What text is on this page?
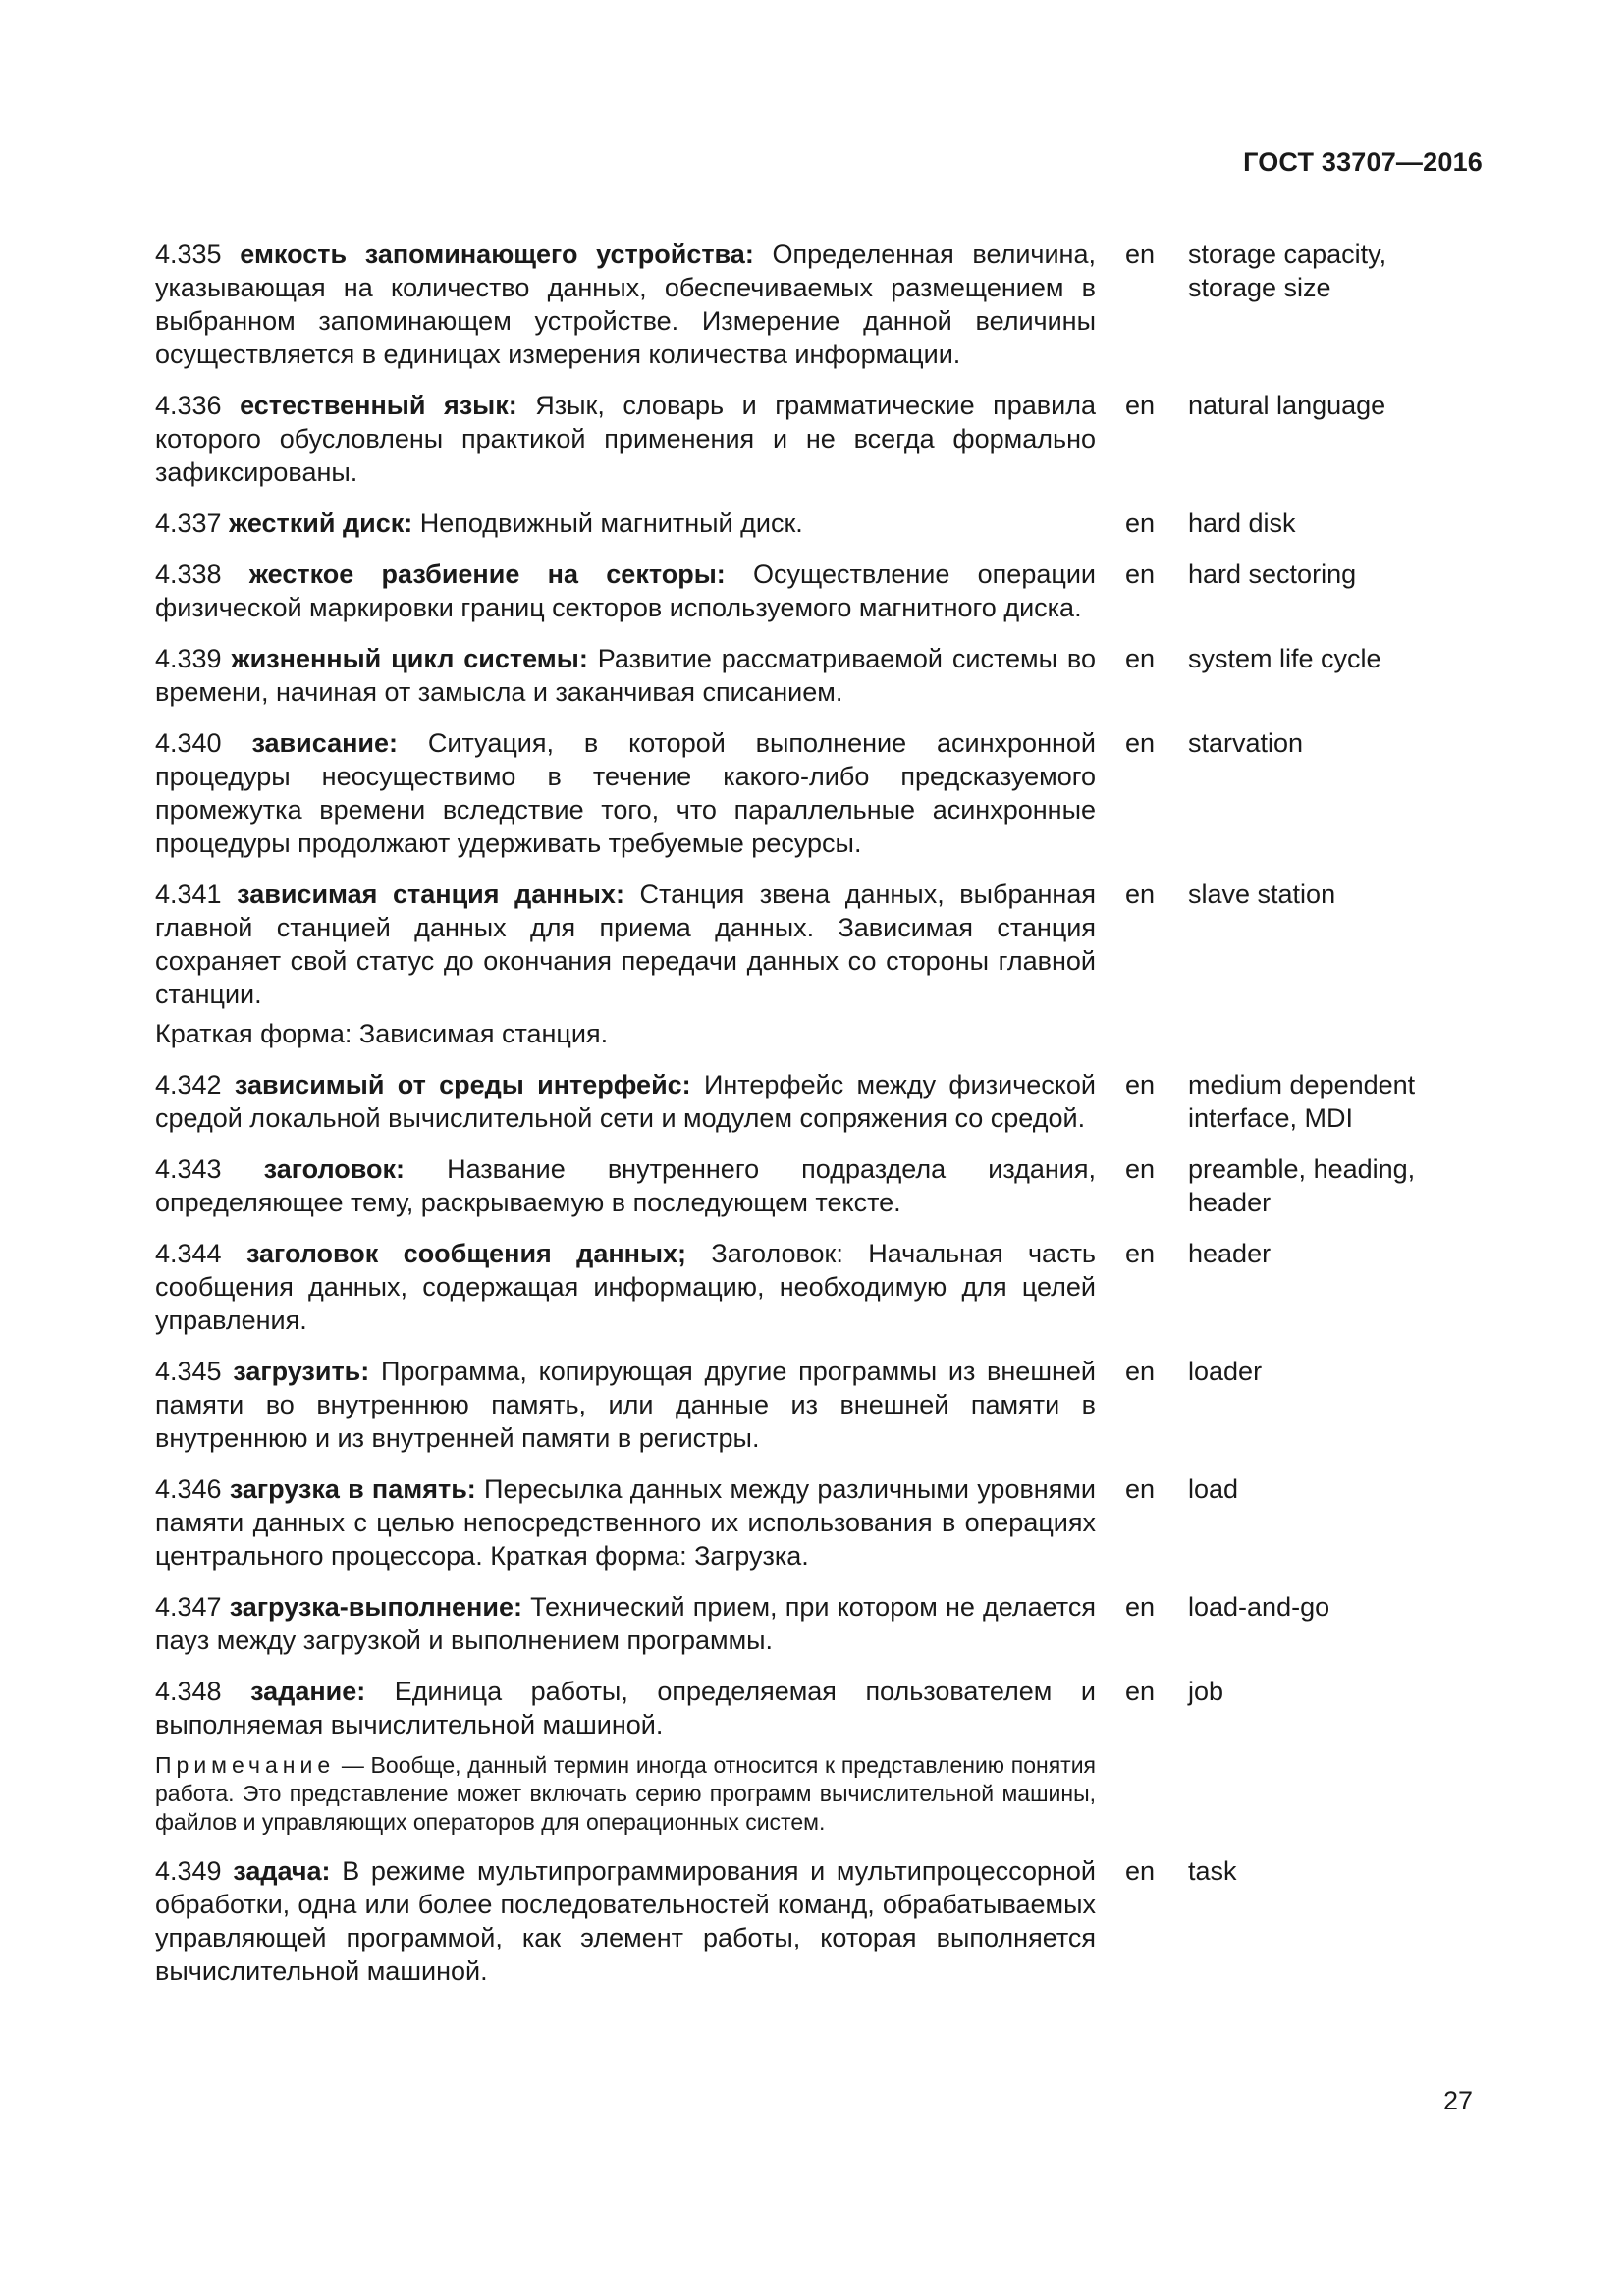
ГОСТ 33707—2016
4.335 емкость запоминающего устройства: Определенная величина, указывающая на количество данных, обеспечиваемых размещением в выбранном запоминающем устройстве. Измерение данной величины осуществляется в единицах измерения количества информации.
en	storage capacity,
storage size
4.336 естественный язык: Язык, словарь и грамматические правила которого обусловлены практикой применения и не всегда формально зафиксированы.
en	natural language
4.337 жесткий диск: Неподвижный магнитный диск.	en	hard disk
4.338 жесткое разбиение на секторы: Осуществление операции физической маркировки границ секторов используемого магнитного диска.
en	hard sectoring
4.339 жизненный цикл системы: Развитие рассматриваемой системы во времени, начиная от замысла и заканчивая списанием.
en	system life cycle
4.340 зависание: Ситуация, в которой выполнение асинхронной процедуры неосуществимо в течение какого-либо предсказуемого промежутка времени вследствие того, что параллельные асинхронные процедуры продолжают удерживать требуемые ресурсы.
en	starvation
4.341 зависимая станция данных: Станция звена данных, выбранная главной станцией данных для приема данных. Зависимая станция сохраняет свой статус до окончания передачи данных со стороны главной станции.
Краткая форма: Зависимая станция.
en	slave station
4.342 зависимый от среды интерфейс: Интерфейс между физической средой локальной вычислительной сети и модулем сопряжения со средой.
en	medium dependent
interface, MDI
4.343 заголовок: Название внутреннего подраздела издания, определяющее тему, раскрываемую в последующем тексте.
en	preamble, heading,
header
4.344 заголовок сообщения данных; Заголовок: Начальная часть сообщения данных, содержащая информацию, необходимую для целей управления.
en	header
4.345 загрузить: Программа, копирующая другие программы из внешней памяти во внутреннюю память, или данные из внешней памяти в внутреннюю и из внутренней памяти в регистры.
en	loader
4.346 загрузка в память: Пересылка данных между различными уровнями памяти данных с целью непосредственного их использования в операциях центрального процессора. Краткая форма: Загрузка.
en	load
4.347 загрузка-выполнение: Технический прием, при котором не делается пауз между загрузкой и выполнением программы.
en	load-and-go
4.348 задание: Единица работы, определяемая пользователем и выполняемая вычислительной машиной.
Примечание — Вообще, данный термин иногда относится к представлению понятия работа. Это представление может включать серию программ вычислительной машины, файлов и управляющих операторов для операционных систем.
en	job
4.349 задача: В режиме мультипрограммирования и мультипроцессорной обработки, одна или более последовательностей команд, обрабатываемых управляющей программой, как элемент работы, которая выполняется вычислительной машиной.
en	task
27
